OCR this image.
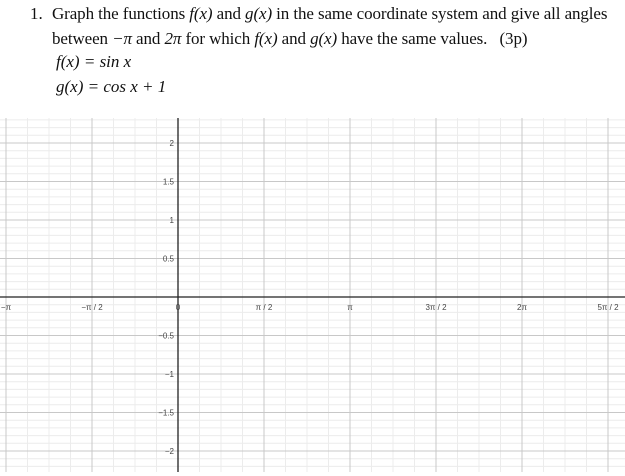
1. Graph the functions f(x) and g(x) in the same coordinate system and give all angles
between −π and 2π for which f(x) and g(x) have the same values. (3p)
f(x) = sin x
g(x) = cos x + 1
−π	−π / 2	0	π / 2	π	3π / 2	2π	5π / 2
2
1.5
1
0.5
−0.5
−1
−1.5
−2
